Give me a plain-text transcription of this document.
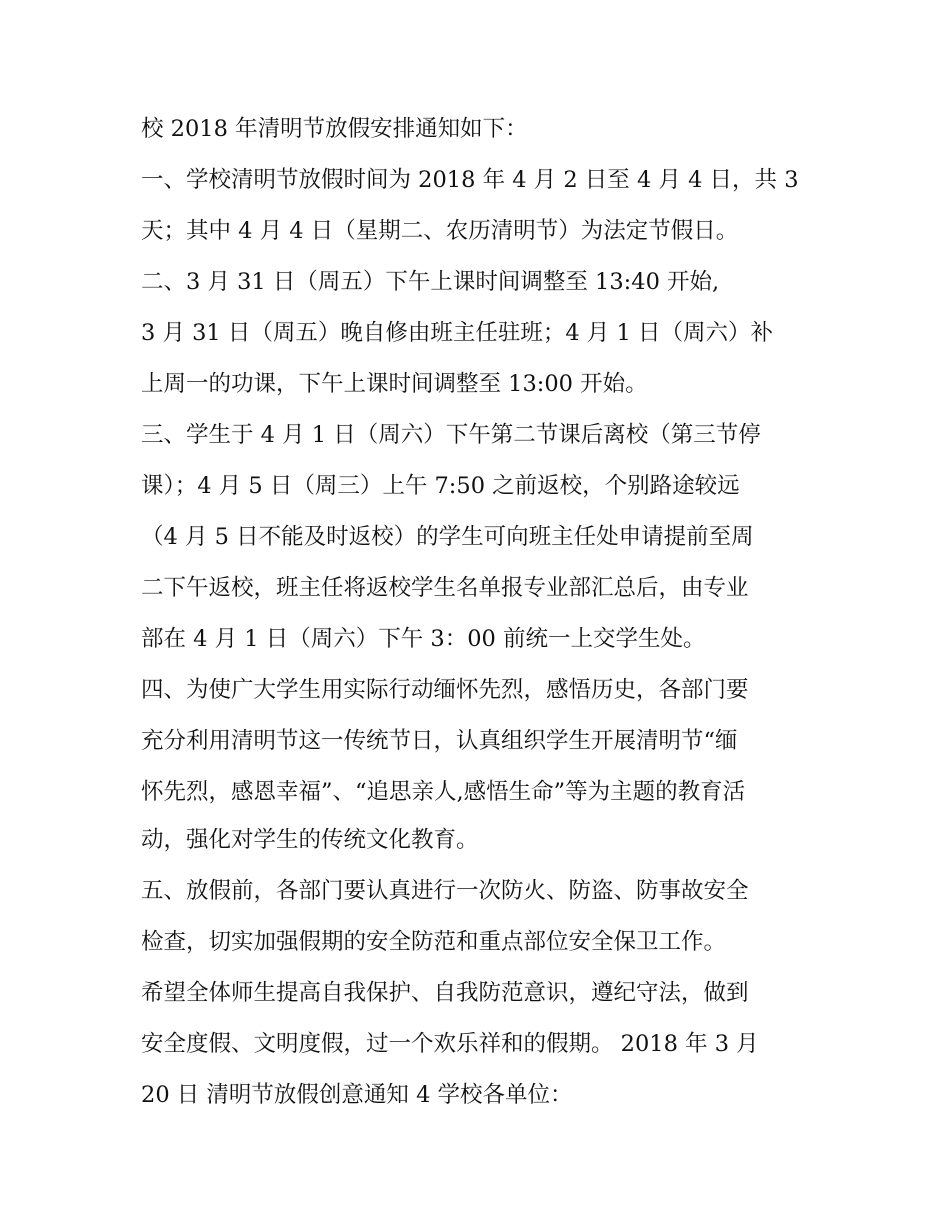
校 2018 年清明节放假安排通知如下：
一、学校清明节放假时间为 2018 年 4 月 2 日至 4 月 4 日，共 3
天；其中 4 月 4 日（星期二、农历清明节）为法定节假日。
二、3 月 31 日（周五）下午上课时间调整至 13:40 开始,
3 月 31 日（周五）晚自修由班主任驻班；4 月 1 日（周六）补
上周一的功课，下午上课时间调整至 13:00 开始。
三、学生于 4 月 1 日（周六）下午第二节课后离校（第三节停
课）；4 月 5 日（周三）上午 7:50 之前返校，个别路途较远
（4 月 5 日不能及时返校）的学生可向班主任处申请提前至周
二下午返校，班主任将返校学生名单报专业部汇总后，由专业
部在 4 月 1 日（周六）下午 3：00 前统一上交学生处。
四、为使广大学生用实际行动缅怀先烈，感悟历史，各部门要
充分利用清明节这一传统节日，认真组织学生开展清明节“缅
怀先烈，感恩幸福”、“追思亲人,感悟生命”等为主题的教育活
动，强化对学生的传统文化教育。
五、放假前，各部门要认真进行一次防火、防盗、防事故安全
检查，切实加强假期的安全防范和重点部位安全保卫工作。
希望全体师生提高自我保护、自我防范意识，遵纪守法，做到
安全度假、文明度假，过一个欢乐祥和的假期。 2018 年 3 月
20 日 清明节放假创意通知 4 学校各单位：
